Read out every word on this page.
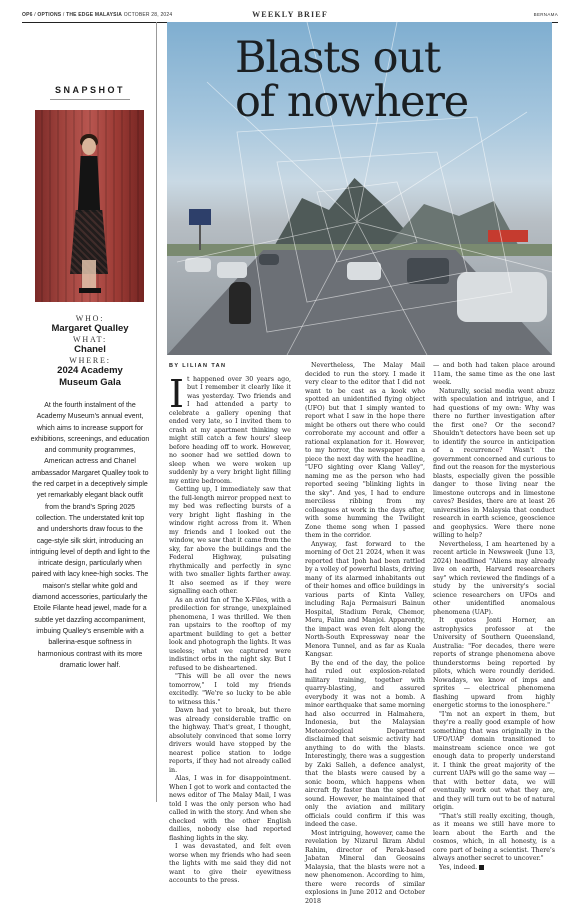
OP6 / OPTIONS / THE EDGE MALAYSIA OCTOBER 28, 2024	WEEKLY BRIEF	BERNAMA
SNAPSHOT
WHO:
Margaret Qualley
WHAT:
Chanel
WHERE:
2024 Academy
Museum Gala
At the fourth instalment of the Academy Museum's annual event, which aims to increase support for exhibitions, screenings, and education and community programmes, American actress and Chanel ambassador Margaret Qualley took to the red carpet in a deceptively simple yet remarkably elegant black outfit from the brand's Spring 2025 collection. The understated knit top and undershorts draw focus to the cage-style silk skirt, introducing an intriguing level of depth and light to the intricate design, particularly when paired with lacy knee-high socks. The maison's stellar white gold and diamond accessories, particularly the Etoile Filante head jewel, made for a subtle yet dazzling accompaniment, imbuing Qualley's ensemble with a ballerina-esque softness in harmonious contrast with its more dramatic lower half.
Blasts out
of nowhere
BY LILIAN TAN
I t happened over 30 years ago, but I remember it clearly like it was yesterday. Two friends and I had attended a party to celebrate a gallery opening that ended very late, so I invited them to crash at my apartment thinking we might still catch a few hours' sleep before heading off to work. However, no sooner had we settled down to sleep when we were woken up suddenly by a very bright light filling my entire bedroom.

Getting up, I immediately saw that the full-length mirror propped next to my bed was reflecting bursts of a very bright light flashing in the window right across from it. When my friends and I looked out the window, we saw that it came from the sky, far above the buildings and the Federal Highway, pulsating rhythmically and perfectly in sync with two smaller lights farther away. It also seemed as if they were signalling each other.

As an avid fan of The X-Files, with a predilection for strange, unexplained phenomena, I was thrilled. We then ran upstairs to the rooftop of my apartment building to get a better look and photograph the lights. It was useless; what we captured were indistinct orbs in the night sky. But I refused to be disheartened.

"This will be all over the news tomorrow," I told my friends excitedly. "We're so lucky to be able to witness this."

Dawn had yet to break, but there was already considerable traffic on the highway. That's great, I thought, absolutely convinced that some lorry drivers would have stopped by the nearest police station to lodge reports, if they had not already called in.

Alas, I was in for disappointment. When I got to work and contacted the news editor of The Malay Mail, I was told I was the only person who had called in with the story. And when she checked with the other English dailies, nobody else had reported flashing lights in the sky.

I was devastated, and felt even worse when my friends who had seen the lights with me said they did not want to give their eyewitness accounts to the press.

Nevertheless, The Malay Mail decided to run the story. I made it very clear to the editor that I did not want to be cast as a kook who spotted an unidentified flying object (UFO) but that I simply wanted to report what I saw in the hope there might be others out there who could corroborate my account and offer a rational explanation for it. However, to my horror, the newspaper ran a piece the next day with the headline, "UFO sighting over Klang Valley", naming me as the person who had reported seeing "blinking lights in the sky". And yes, I had to endure merciless ribbing from my colleagues at work in the days after, with some humming the Twilight Zone theme song when I passed them in the corridor.

Anyway, fast forward to the morning of Oct 21 2024, when it was reported that Ipoh had been rattled by a volley of powerful blasts, driving many of its alarmed inhabitants out of their homes and office buildings in various parts of Kinta Valley, including Raja Permaisuri Bainun Hospital, Stadium Perak, Chemor, Meru, Falim and Manjoi. Apparently, the impact was even felt along the North-South Expressway near the Menora Tunnel, and as far as Kuala Kangsar.

By the end of the day, the police had ruled out explosion-related military training, together with quarry-blasting, and assured everybody it was not a bomb. A minor earthquake that same morning had also occurred in Halmahera, Indonesia, but the Malaysian Meteorological Department disclaimed that seismic activity had anything to do with the blasts. Interestingly, there was a suggestion by Zaki Salleh, a defence analyst, that the blasts were caused by a sonic boom, which happens when aircraft fly faster than the speed of sound. However, he maintained that only the aviation and military officials could confirm if this was indeed the case.

Most intriguing, however, came the revelation by Nizarul Ikram Abdul Rahim, director of Perak-based Jabatan Mineral dan Geosains Malaysia, that the blasts were not a new phenomenon. According to him, there were records of similar explosions in June 2012 and October 2018

— and both had taken place around 11am, the same time as the one last week.

Naturally, social media went abuzz with speculation and intrigue, and I had questions of my own: Why was there no further investigation after the first one? Or the second? Shouldn't detectors have been set up to identify the source in anticipation of a recurrence? Wasn't the government concerned and curious to find out the reason for the mysterious blasts, especially given the possible danger to those living near the limestone outcrops and in limestone caves? Besides, there are at least 26 universities in Malaysia that conduct research in earth science, geoscience and geophysics. Were there none willing to help?

Nevertheless, I am heartened by a recent article in Newsweek (June 13, 2024) headlined "Aliens may already live on earth, Harvard researchers say" which reviewed the findings of a study by the university's social science researchers on UFOs and other unidentified anomalous phenomena (UAP).

It quotes Jonti Horner, an astrophysics professor at the University of Southern Queensland, Australia: "For decades, there were reports of strange phenomena above thunderstorms being reported by pilots, which were roundly derided. Nowadays, we know of imps and sprites — electrical phenomena flashing upward from highly energetic storms to the ionosphere."

"I'm not an expert in them, but they're a really good example of how something that was originally in the UFO/UAP domain transitioned to mainstream science once we got enough data to properly understand it. I think the great majority of the current UAPs will go the same way — that with better data, we will eventually work out what they are, and they will turn out to be of natural origin.

"That's still really exciting, though, as it means we still have more to learn about the Earth and the cosmos, which, in all honesty, is a core part of being a scientist. There's always another secret to uncover."

Yes, indeed.
